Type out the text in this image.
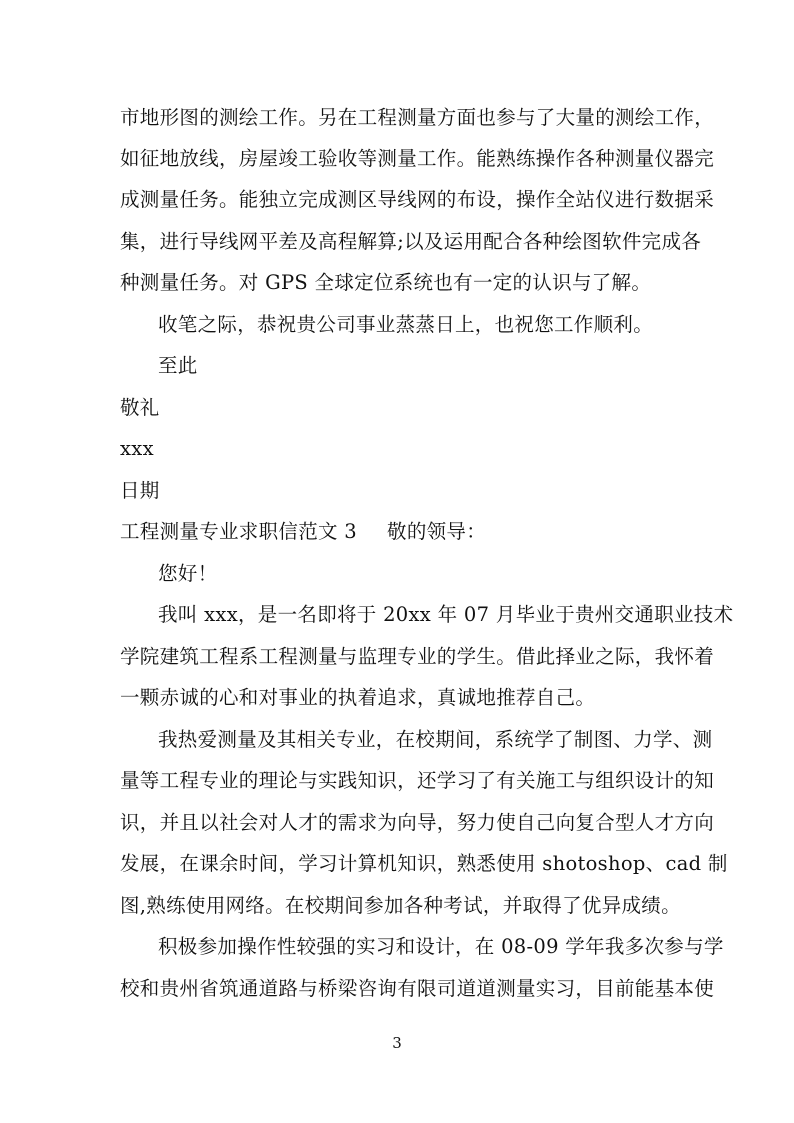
市地形图的测绘工作。另在工程测量方面也参与了大量的测绘工作，
如征地放线，房屋竣工验收等测量工作。能熟练操作各种测量仪器完
成测量任务。能独立完成测区导线网的布设，操作全站仪进行数据采
集，进行导线网平差及高程解算;以及运用配合各种绘图软件完成各
种测量任务。对 GPS 全球定位系统也有一定的认识与了解。
收笔之际，恭祝贵公司事业蒸蒸日上，也祝您工作顺利。
至此
敬礼
xxx
日期
工程测量专业求职信范文 3 敬的领导：
您好！
我叫 xxx，是一名即将于 20xx 年 07 月毕业于贵州交通职业技术
学院建筑工程系工程测量与监理专业的学生。借此择业之际，我怀着
一颗赤诚的心和对事业的执着追求，真诚地推荐自己。
我热爱测量及其相关专业，在校期间，系统学了制图、力学、测
量等工程专业的理论与实践知识，还学习了有关施工与组织设计的知
识，并且以社会对人才的需求为向导，努力使自己向复合型人才方向
发展，在课余时间，学习计算机知识，熟悉使用 shotoshop、cad 制
图,熟练使用网络。在校期间参加各种考试，并取得了优异成绩。
积极参加操作性较强的实习和设计，在 08-09 学年我多次参与学
校和贵州省筑通道路与桥梁咨询有限司道道测量实习，目前能基本使
3
